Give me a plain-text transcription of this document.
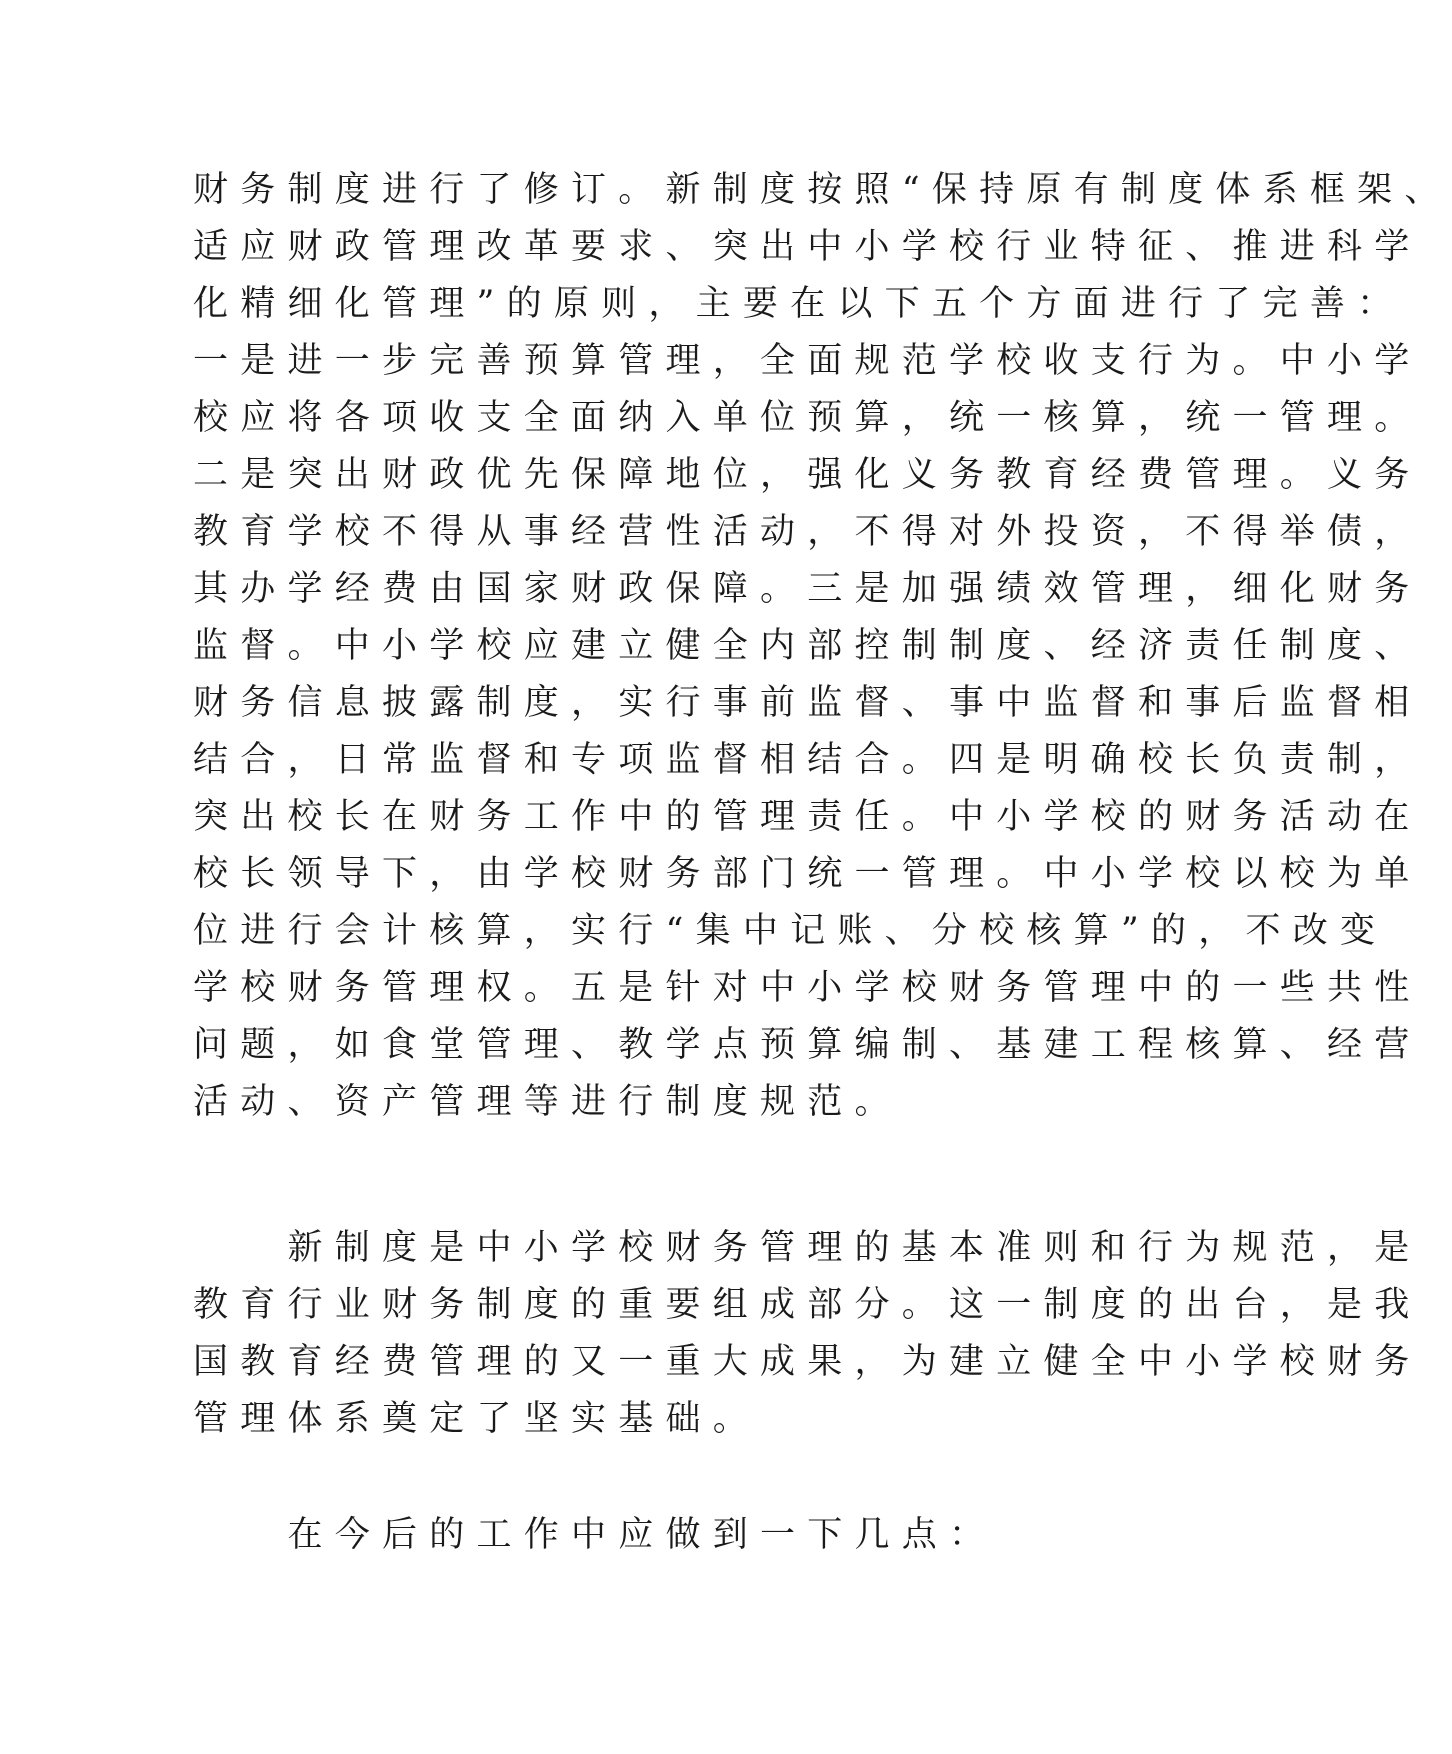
财务制度进行了修订。新制度按照“保持原有制度体系框架、
适应财政管理改革要求、突出中小学校行业特征、推进科学
化精细化管理”的原则，主要在以下五个方面进行了完善：
一是进一步完善预算管理，全面规范学校收支行为。中小学
校应将各项收支全面纳入单位预算，统一核算，统一管理。
二是突出财政优先保障地位，强化义务教育经费管理。义务
教育学校不得从事经营性活动，不得对外投资，不得举债，
其办学经费由国家财政保障。三是加强绩效管理，细化财务
监督。中小学校应建立健全内部控制制度、经济责任制度、
财务信息披露制度，实行事前监督、事中监督和事后监督相
结合，日常监督和专项监督相结合。四是明确校长负责制，
突出校长在财务工作中的管理责任。中小学校的财务活动在
校长领导下，由学校财务部门统一管理。中小学校以校为单
位进行会计核算，实行“集中记账、分校核算”的，不改变
学校财务管理权。五是针对中小学校财务管理中的一些共性
问题，如食堂管理、教学点预算编制、基建工程核算、经营
活动、资产管理等进行制度规范。
　　新制度是中小学校财务管理的基本准则和行为规范，是
教育行业财务制度的重要组成部分。这一制度的出台，是我
国教育经费管理的又一重大成果，为建立健全中小学校财务
管理体系奠定了坚实基础。
　　在今后的工作中应做到一下几点：
